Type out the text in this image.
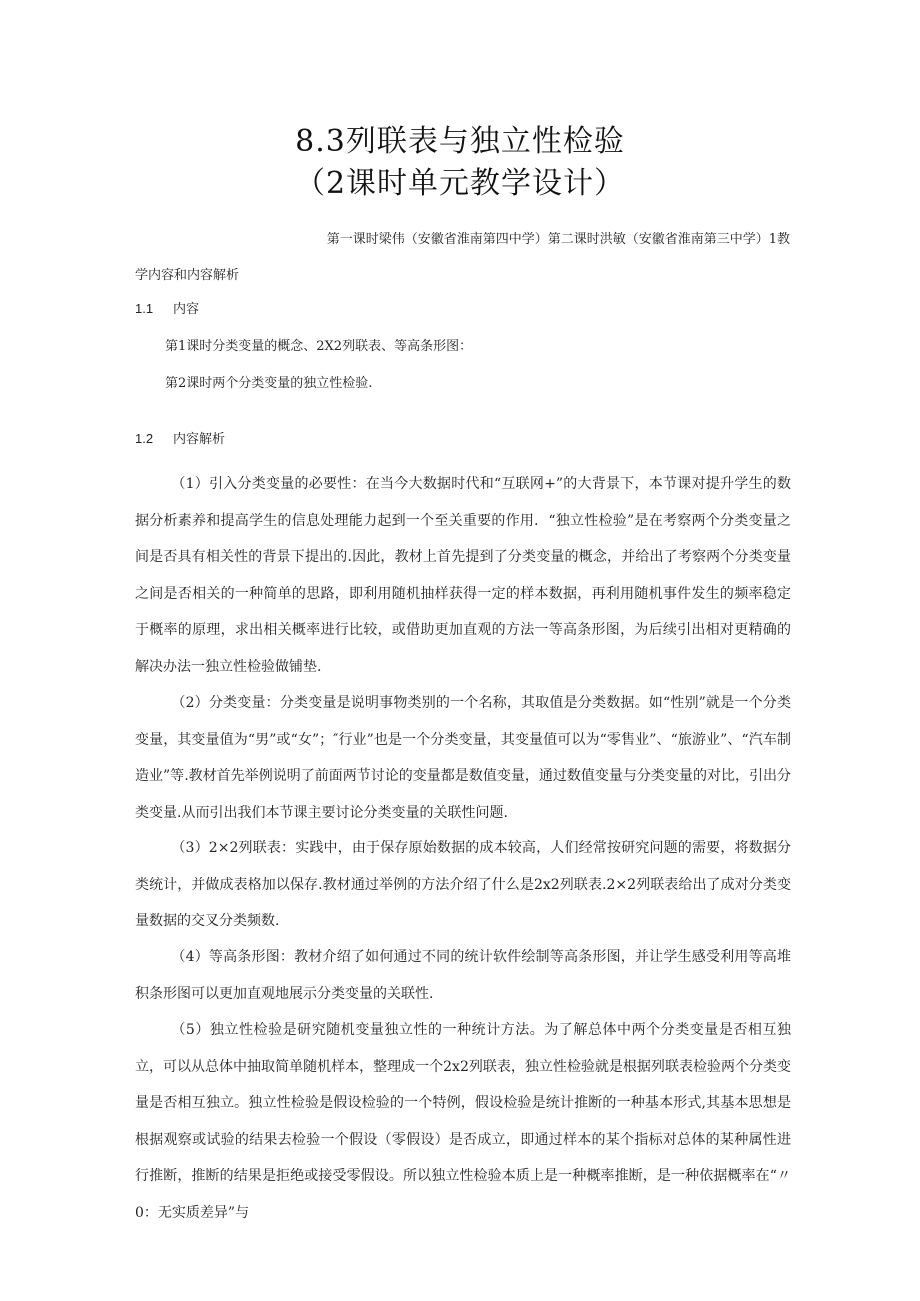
8.3列联表与独立性检验
（2课时单元教学设计）
第一课时梁伟（安徽省淮南第四中学）第二课时洪敏（安徽省淮南第三中学）1教
学内容和内容解析
1.1 内容
第1课时分类变量的概念、2X2列联表、等高条形图：
第2课时两个分类变量的独立性检验.
1.2 内容解析

（1）引入分类变量的必要性：在当今大数据时代和“互联网+”的大背景下，本节课对提升学生的数据分析素养和提高学生的信息处理能力起到一个至关重要的作用．“独立性检验”是在考察两个分类变量之间是否具有相关性的背景下提出的.因此，教材上首先提到了分类变量的概念，并给出了考察两个分类变量之间是否相关的一种简单的思路，即利用随机抽样获得一定的样本数据，再利用随机事件发生的频率稳定于概率的原理，求出相关概率进行比较，或借助更加直观的方法一等高条形图，为后续引出相对更精确的解决办法一独立性检验做铺垫.

（2）分类变量：分类变量是说明事物类别的一个名称，其取值是分类数据。如“性别”就是一个分类变量，其变量值为“男”或“女”；″行业”也是一个分类变量，其变量值可以为“零售业”、“旅游业”、“汽车制造业”等.教材首先举例说明了前面两节讨论的变量都是数值变量，通过数值变量与分类变量的对比，引出分类变量.从而引出我们本节课主要讨论分类变量的关联性问题.

（3）2×2列联表：实践中，由于保存原始数据的成本较高，人们经常按研究问题的需要，将数据分类统计，并做成表格加以保存.教材通过举例的方法介绍了什么是2x2列联表.2×2列联表给出了成对分类变量数据的交叉分类频数.

（4）等高条形图：教材介绍了如何通过不同的统计软件绘制等高条形图，并让学生感受利用等高堆积条形图可以更加直观地展示分类变量的关联性.

（5）独立性检验是研究随机变量独立性的一种统计方法。为了解总体中两个分类变量是否相互独立，可以从总体中抽取简单随机样本，整理成一个2x2列联表，独立性检验就是根据列联表检验两个分类变量是否相互独立。独立性检验是假设检验的一个特例，假设检验是统计推断的一种基本形式,其基本思想是根据观察或试验的结果去检验一个假设（零假设）是否成立，即通过样本的某个指标对总体的某种属性进行推断，推断的结果是拒绝或接受零假设。所以独立性检验本质上是一种概率推断，是一种依据概率在“〃0：无实质差异”与
